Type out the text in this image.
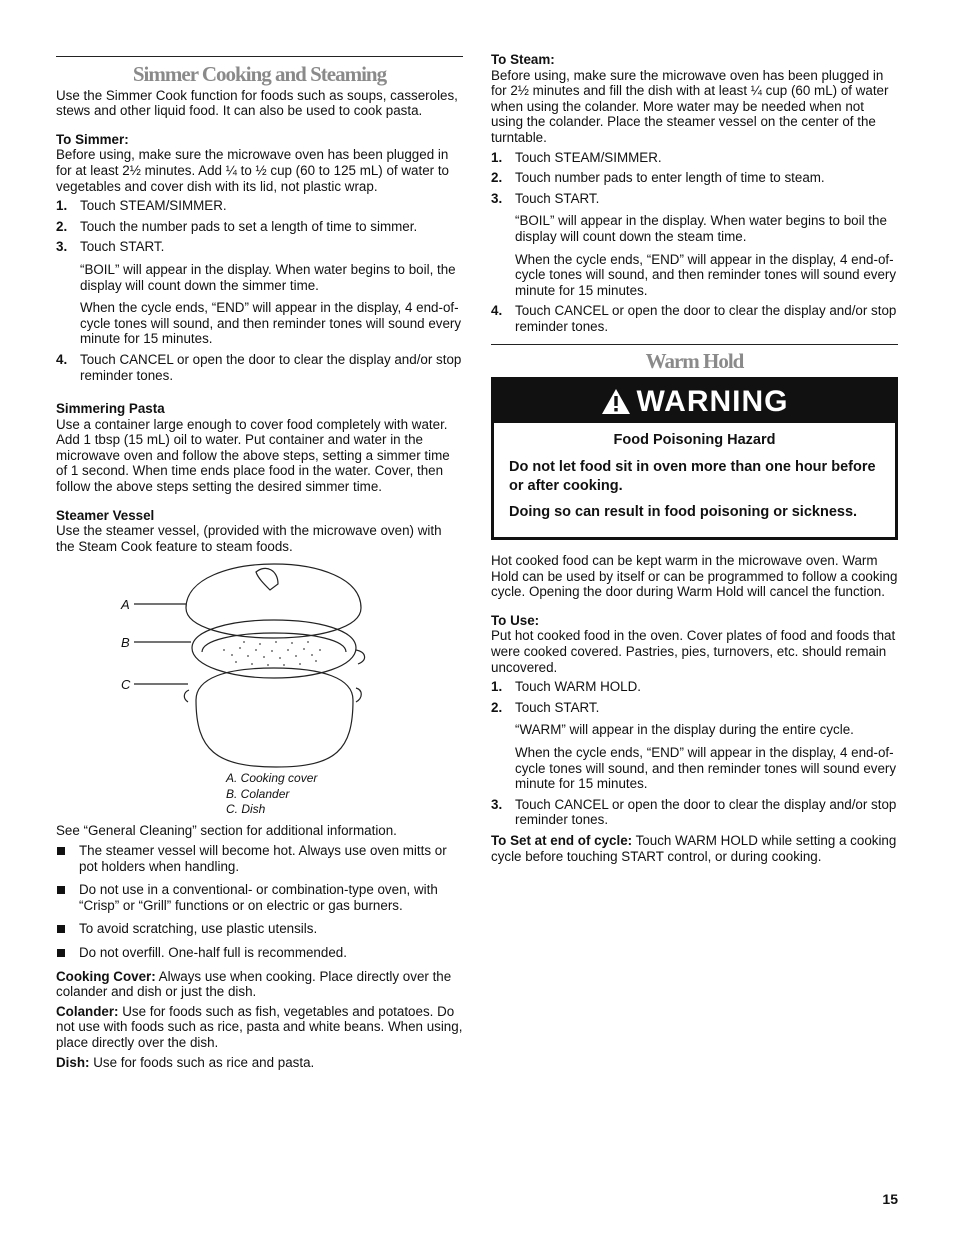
Simmer Cooking and Steaming

Use the Simmer Cook function for foods such as soups, casseroles, stews and other liquid food. It can also be used to cook pasta.

To Simmer:

Before using, make sure the microwave oven has been plugged in for at least 2½ minutes. Add ¼ to ½ cup (60 to 125 mL) of water to vegetables and cover dish with its lid, not plastic wrap.

1. Touch STEAM/SIMMER.
2. Touch the number pads to set a length of time to simmer.
3. Touch START.
“BOIL” will appear in the display. When water begins to boil, the display will count down the simmer time.
When the cycle ends, “END” will appear in the display, 4 end-of-cycle tones will sound, and then reminder tones will sound every minute for 15 minutes.
4. Touch CANCEL or open the door to clear the display and/or stop reminder tones.

Simmering Pasta

Use a container large enough to cover food completely with water. Add 1 tbsp (15 mL) oil to water. Put container and water in the microwave oven and follow the above steps, setting a simmer time of 1 second. When time ends place food in the water. Cover, then follow the above steps setting the desired simmer time.

Steamer Vessel

Use the steamer vessel, (provided with the microwave oven) with the Steam Cook feature to steam foods.

A
B
C
A. Cooking cover
B. Colander
C. Dish

See “General Cleaning” section for additional information.

The steamer vessel will become hot. Always use oven mitts or pot holders when handling.
Do not use in a conventional- or combination-type oven, with “Crisp” or “Grill” functions or on electric or gas burners.
To avoid scratching, use plastic utensils.
Do not overfill. One-half full is recommended.

Cooking Cover: Always use when cooking. Place directly over the colander and dish or just the dish.

Colander: Use for foods such as fish, vegetables and potatoes. Do not use with foods such as rice, pasta and white beans. When using, place directly over the dish.

Dish: Use for foods such as rice and pasta.

To Steam:

Before using, make sure the microwave oven has been plugged in for 2½ minutes and fill the dish with at least ¼ cup (60 mL) of water when using the colander. More water may be needed when not using the colander. Place the steamer vessel on the center of the turntable.

1. Touch STEAM/SIMMER.
2. Touch number pads to enter length of time to steam.
3. Touch START.
“BOIL” will appear in the display. When water begins to boil the display will count down the steam time.
When the cycle ends, “END” will appear in the display, 4 end-of-cycle tones will sound, and then reminder tones will sound every minute for 15 minutes.
4. Touch CANCEL or open the door to clear the display and/or stop reminder tones.
Warm Hold
WARNING
Food Poisoning Hazard

Do not let food sit in oven more than one hour before or after cooking.

Doing so can result in food poisoning or sickness.

Hot cooked food can be kept warm in the microwave oven. Warm Hold can be used by itself or can be programmed to follow a cooking cycle. Opening the door during Warm Hold will cancel the function.

To Use:

Put hot cooked food in the oven. Cover plates of food and foods that were cooked covered. Pastries, pies, turnovers, etc. should remain uncovered.

1. Touch WARM HOLD.
2. Touch START.
“WARM” will appear in the display during the entire cycle.
When the cycle ends, “END” will appear in the display, 4 end-of-cycle tones will sound, and then reminder tones will sound every minute for 15 minutes.
3. Touch CANCEL or open the door to clear the display and/or stop reminder tones.

To Set at end of cycle: Touch WARM HOLD while setting a cooking cycle before touching START control, or during cooking.

15
